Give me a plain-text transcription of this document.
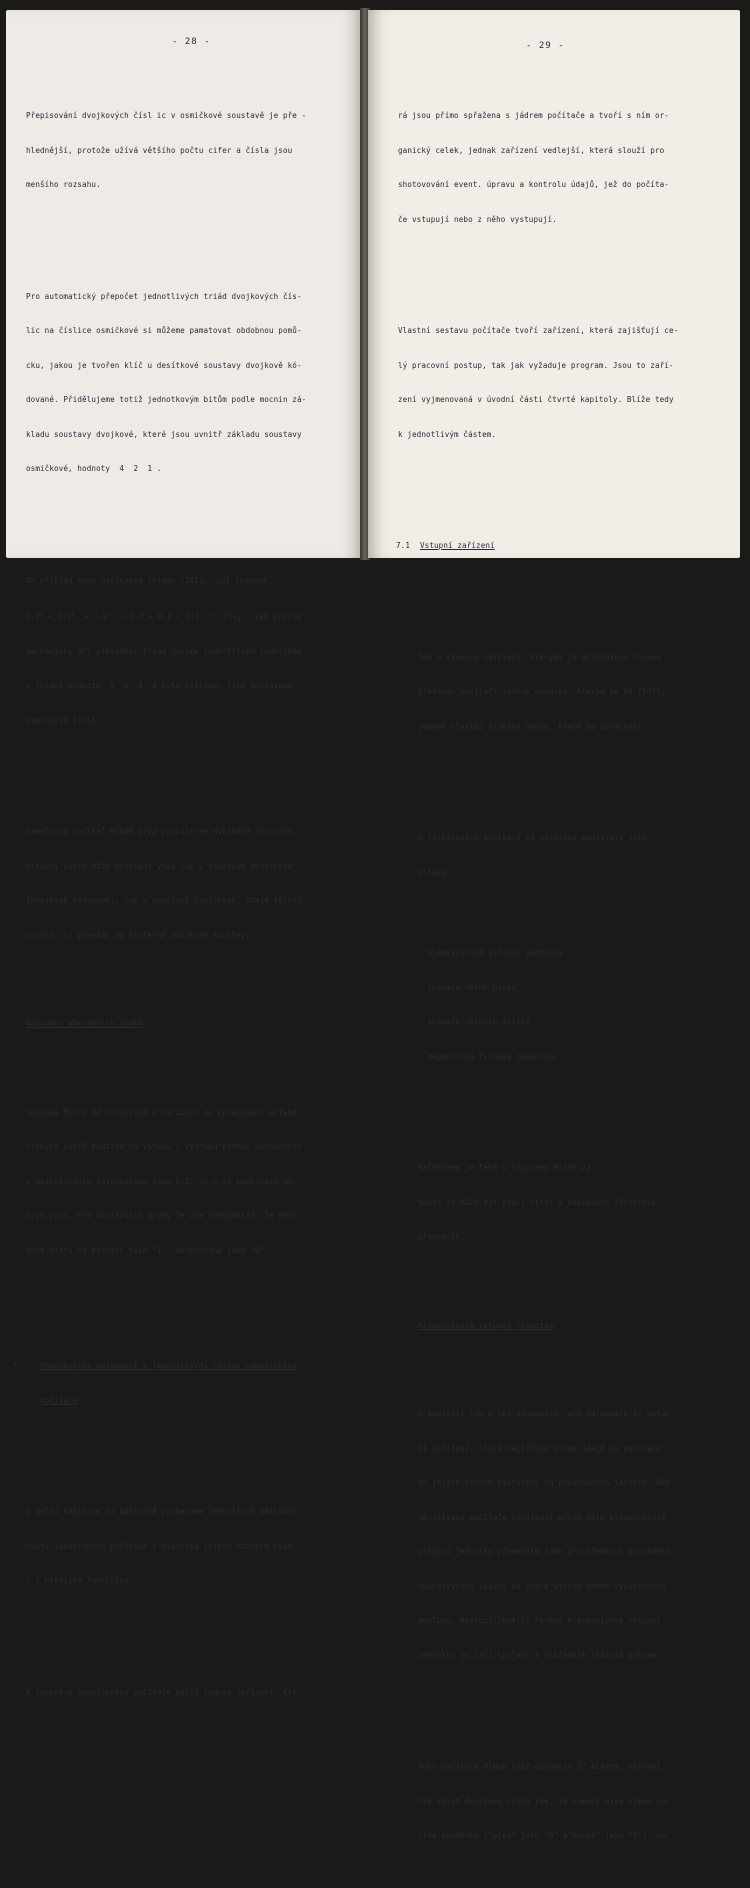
- 28 -

Přepisování dvojkových čísl ic v osmičkové soustavě je pře -

hlednější, protože užívá většího počtu cifer a čísla jsou

menšího rozsahu.

Pro automatický přepočet jednotlivých triád dvojkových čís-

lic na číslice osmičkové si můžeme pamatovat obdobnou pomů-

cku, jakou je tvořen klíč u desítkové soustavy dvojkově kó-

dované. Přidělujeme totiž jednotkovým bitům podle mocnin zá-

kladu soustavy dvojkové, které jsou uvnitř základu soustavy

osmičkové, hodnoty  4  2  1 .

Na příklad máme dvojkovou triádu $(101)_2$, což znamená

$1.2^2 + 0.2^1 + 1.2^o = 1.4 + 0.2 + 1.1 = (5)_8$ . Tak prostě

mechanicky při převádění tríád dáváme jednotlivým jedničkám

v triádě hodnotu  4  2  1  a tyto sčítáme, čímž dostáváme

osmičkové číslo.

Samočinný počítač MINSK 2/22 pracuje ve dvojkové soustavě.

Vstupní údaje může přijímat však jak v soustavě desítkové

(dvojkově kódované), tak v soustavě osmičkové. Údaje těchto

soustav si převádí do skutečné dvojkové soustavy.

Kódování abecedních znaků

Sestava Minsk 22 rozšířená o zařízení na zpracování alfabe-

tických údajů používá na vstupu i výstupu písmen kódovaných

v mezinárodním dálnopisném kódu č.2. Je o 26 kombinací děr-

ných polí. Pro bistabilní prvky je zde předpoklad, že děro-

vané místo se poznačí jako "1", neděrované jako "O".

7.	Podrobnější seznámení s jednotlivými částmi samočinného

počítače

V další kapitole si postupně probereme jednotlivé základní

části samočinného počítače z hlediska jejich různých typů

i z hlediska funkčního.

K soupravě samočinného počítače patří jednak zařízení, kte-

- 29 -

rá jsou přímo spřažena s jádrem počítače a tvoří s ním or-

ganický celek, jednak zařízení vedlejší, která slouží pro

shotovování event. úpravu a kontrolu údajů, jež do počíta-

če vstupují nebo z něho vystupují.

Vlastní sestavu počítače tvoří zařízení, která zajišťují ce-

lý pracovní postup, tak jak vyžaduje program. Jsou to zaří-

zení vyjmenovaná v úvodní části čtvrté kapitoly. Blíže tedy

k jednotlivým částem.

7.1	Vstupní zařízení

Jde o skupinu zařízení, kterými je příslušnou formou

předáván počítači jednak program, kterým se má řídit,

jednak vlastní číselné údaje, které má zpracovat.

U číslicových počítačů se většinou používají tyto

vstupy:

- klávesnicová vstupní jednotka

- snímače děrné pásky

- snímače děrných štítků

- magnetická filmová jednotka.

Nalezneme je také u soupravy Minsk 22.

Navíc to může být psací stroj a analogovo-číslicový

převodník.

Klávesnicová vstupní jednotka

V podstatě jde o nejjednodušší, ale nejpomalejší vstup-

ní zařízení, které zajišťuje vstup údajů do počítače

po jejich ručním nastavení na příslušných tastech. Běž-

ně užívané počítače využívají proto této klávesnicové

vstupní jednotky především jako prostředku k provádění

operativních zásahů do práce stroje během výpočetního

postupu. Nejrozšířenější formou klávesnicové vstupní

jednotky je její spojení s ústředním řídícím pultem.

Pult počítače MINSK 2/22 obsahuje 37 kláves, kterými

lze volit dvojkové číslo tak, že pomocí prvé zleva vo-

líme znaménko ("plus" jako "O" a"minus" jako "1"), po-
